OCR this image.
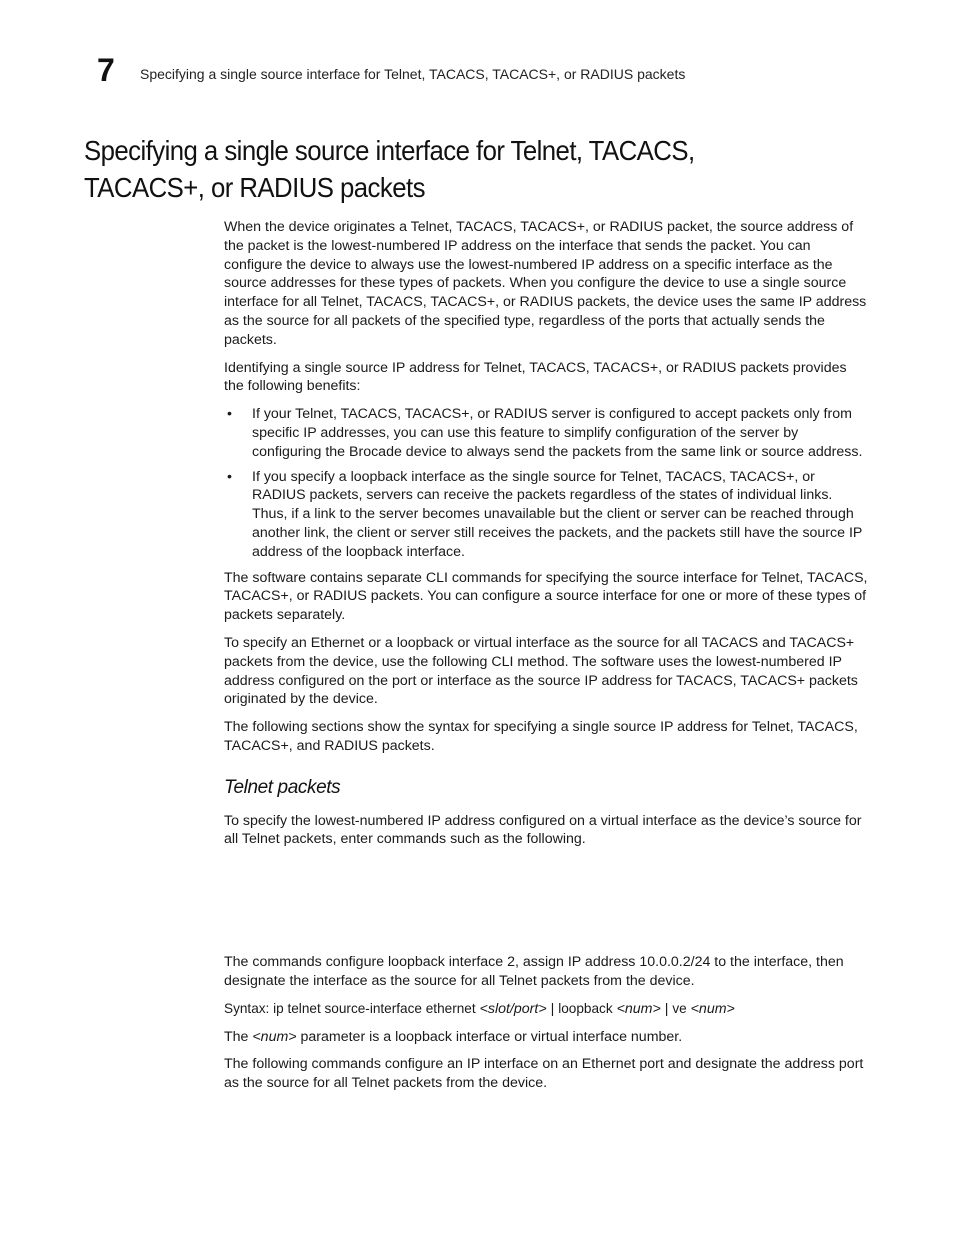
7 Specifying a single source interface for Telnet, TACACS, TACACS+, or RADIUS packets
Specifying a single source interface for Telnet, TACACS, TACACS+, or RADIUS packets

When the device originates a Telnet, TACACS, TACACS+, or RADIUS packet, the source address of the packet is the lowest-numbered IP address on the interface that sends the packet. You can configure the device to always use the lowest-numbered IP address on a specific interface as the source addresses for these types of packets. When you configure the device to use a single source interface for all Telnet, TACACS, TACACS+, or RADIUS packets, the device uses the same IP address as the source for all packets of the specified type, regardless of the ports that actually sends the packets.

Identifying a single source IP address for Telnet, TACACS, TACACS+, or RADIUS packets provides the following benefits:

• If your Telnet, TACACS, TACACS+, or RADIUS server is configured to accept packets only from specific IP addresses, you can use this feature to simplify configuration of the server by configuring the Brocade device to always send the packets from the same link or source address.
• If you specify a loopback interface as the single source for Telnet, TACACS, TACACS+, or RADIUS packets, servers can receive the packets regardless of the states of individual links. Thus, if a link to the server becomes unavailable but the client or server can be reached through another link, the client or server still receives the packets, and the packets still have the source IP address of the loopback interface.

The software contains separate CLI commands for specifying the source interface for Telnet, TACACS, TACACS+, or RADIUS packets. You can configure a source interface for one or more of these types of packets separately.

To specify an Ethernet or a loopback or virtual interface as the source for all TACACS and TACACS+ packets from the device, use the following CLI method. The software uses the lowest-numbered IP address configured on the port or interface as the source IP address for TACACS, TACACS+ packets originated by the device.

The following sections show the syntax for specifying a single source IP address for Telnet, TACACS, TACACS+, and RADIUS packets.

Telnet packets

To specify the lowest-numbered IP address configured on a virtual interface as the device’s source for all Telnet packets, enter commands such as the following.

The commands configure loopback interface 2, assign IP address 10.0.0.2/24 to the interface, then designate the interface as the source for all Telnet packets from the device.

Syntax: ip telnet source-interface ethernet <slot/port> | loopback <num> | ve <num>

The <num> parameter is a loopback interface or virtual interface number.

The following commands configure an IP interface on an Ethernet port and designate the address port as the source for all Telnet packets from the device.
